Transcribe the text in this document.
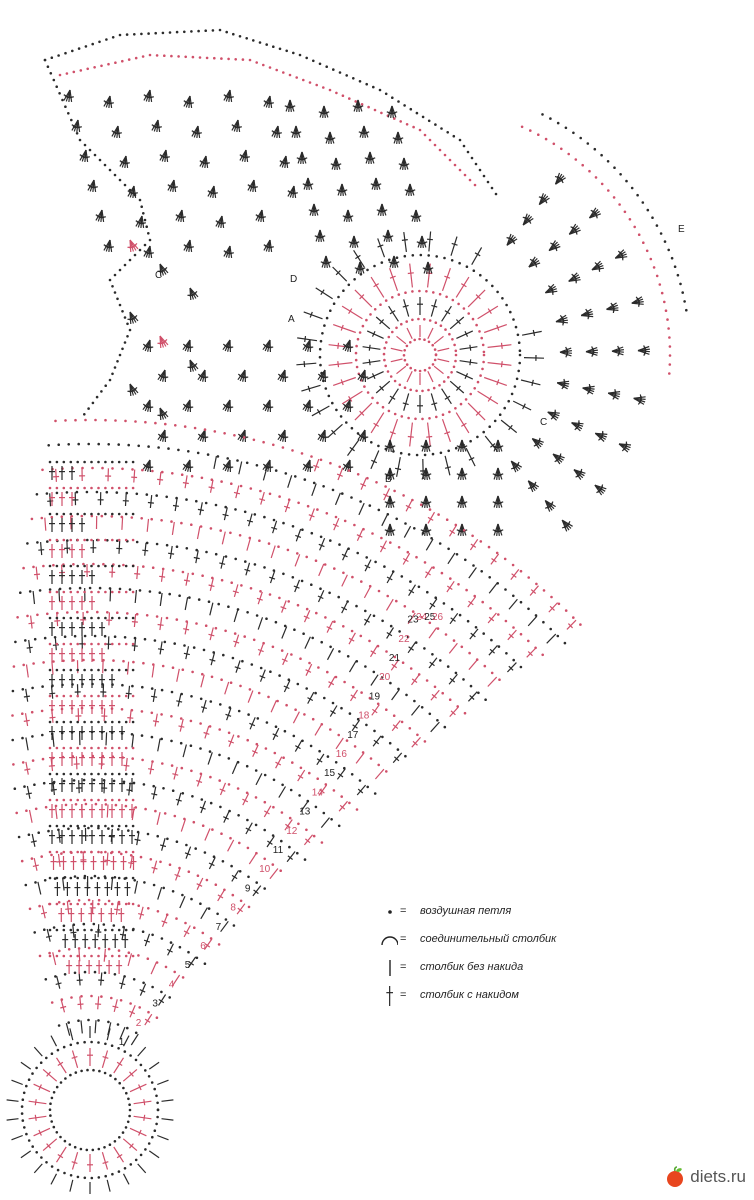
1
2
3
4
5
6
7
8
9
10
11
12
13
14
15
16
17
18
19
20
21
22
23
24
25
26
A
B
C
C
D
E
= воздушная петля
= соединительный столбик
= столбик без накида
= столбик с накидом
diets.ru
